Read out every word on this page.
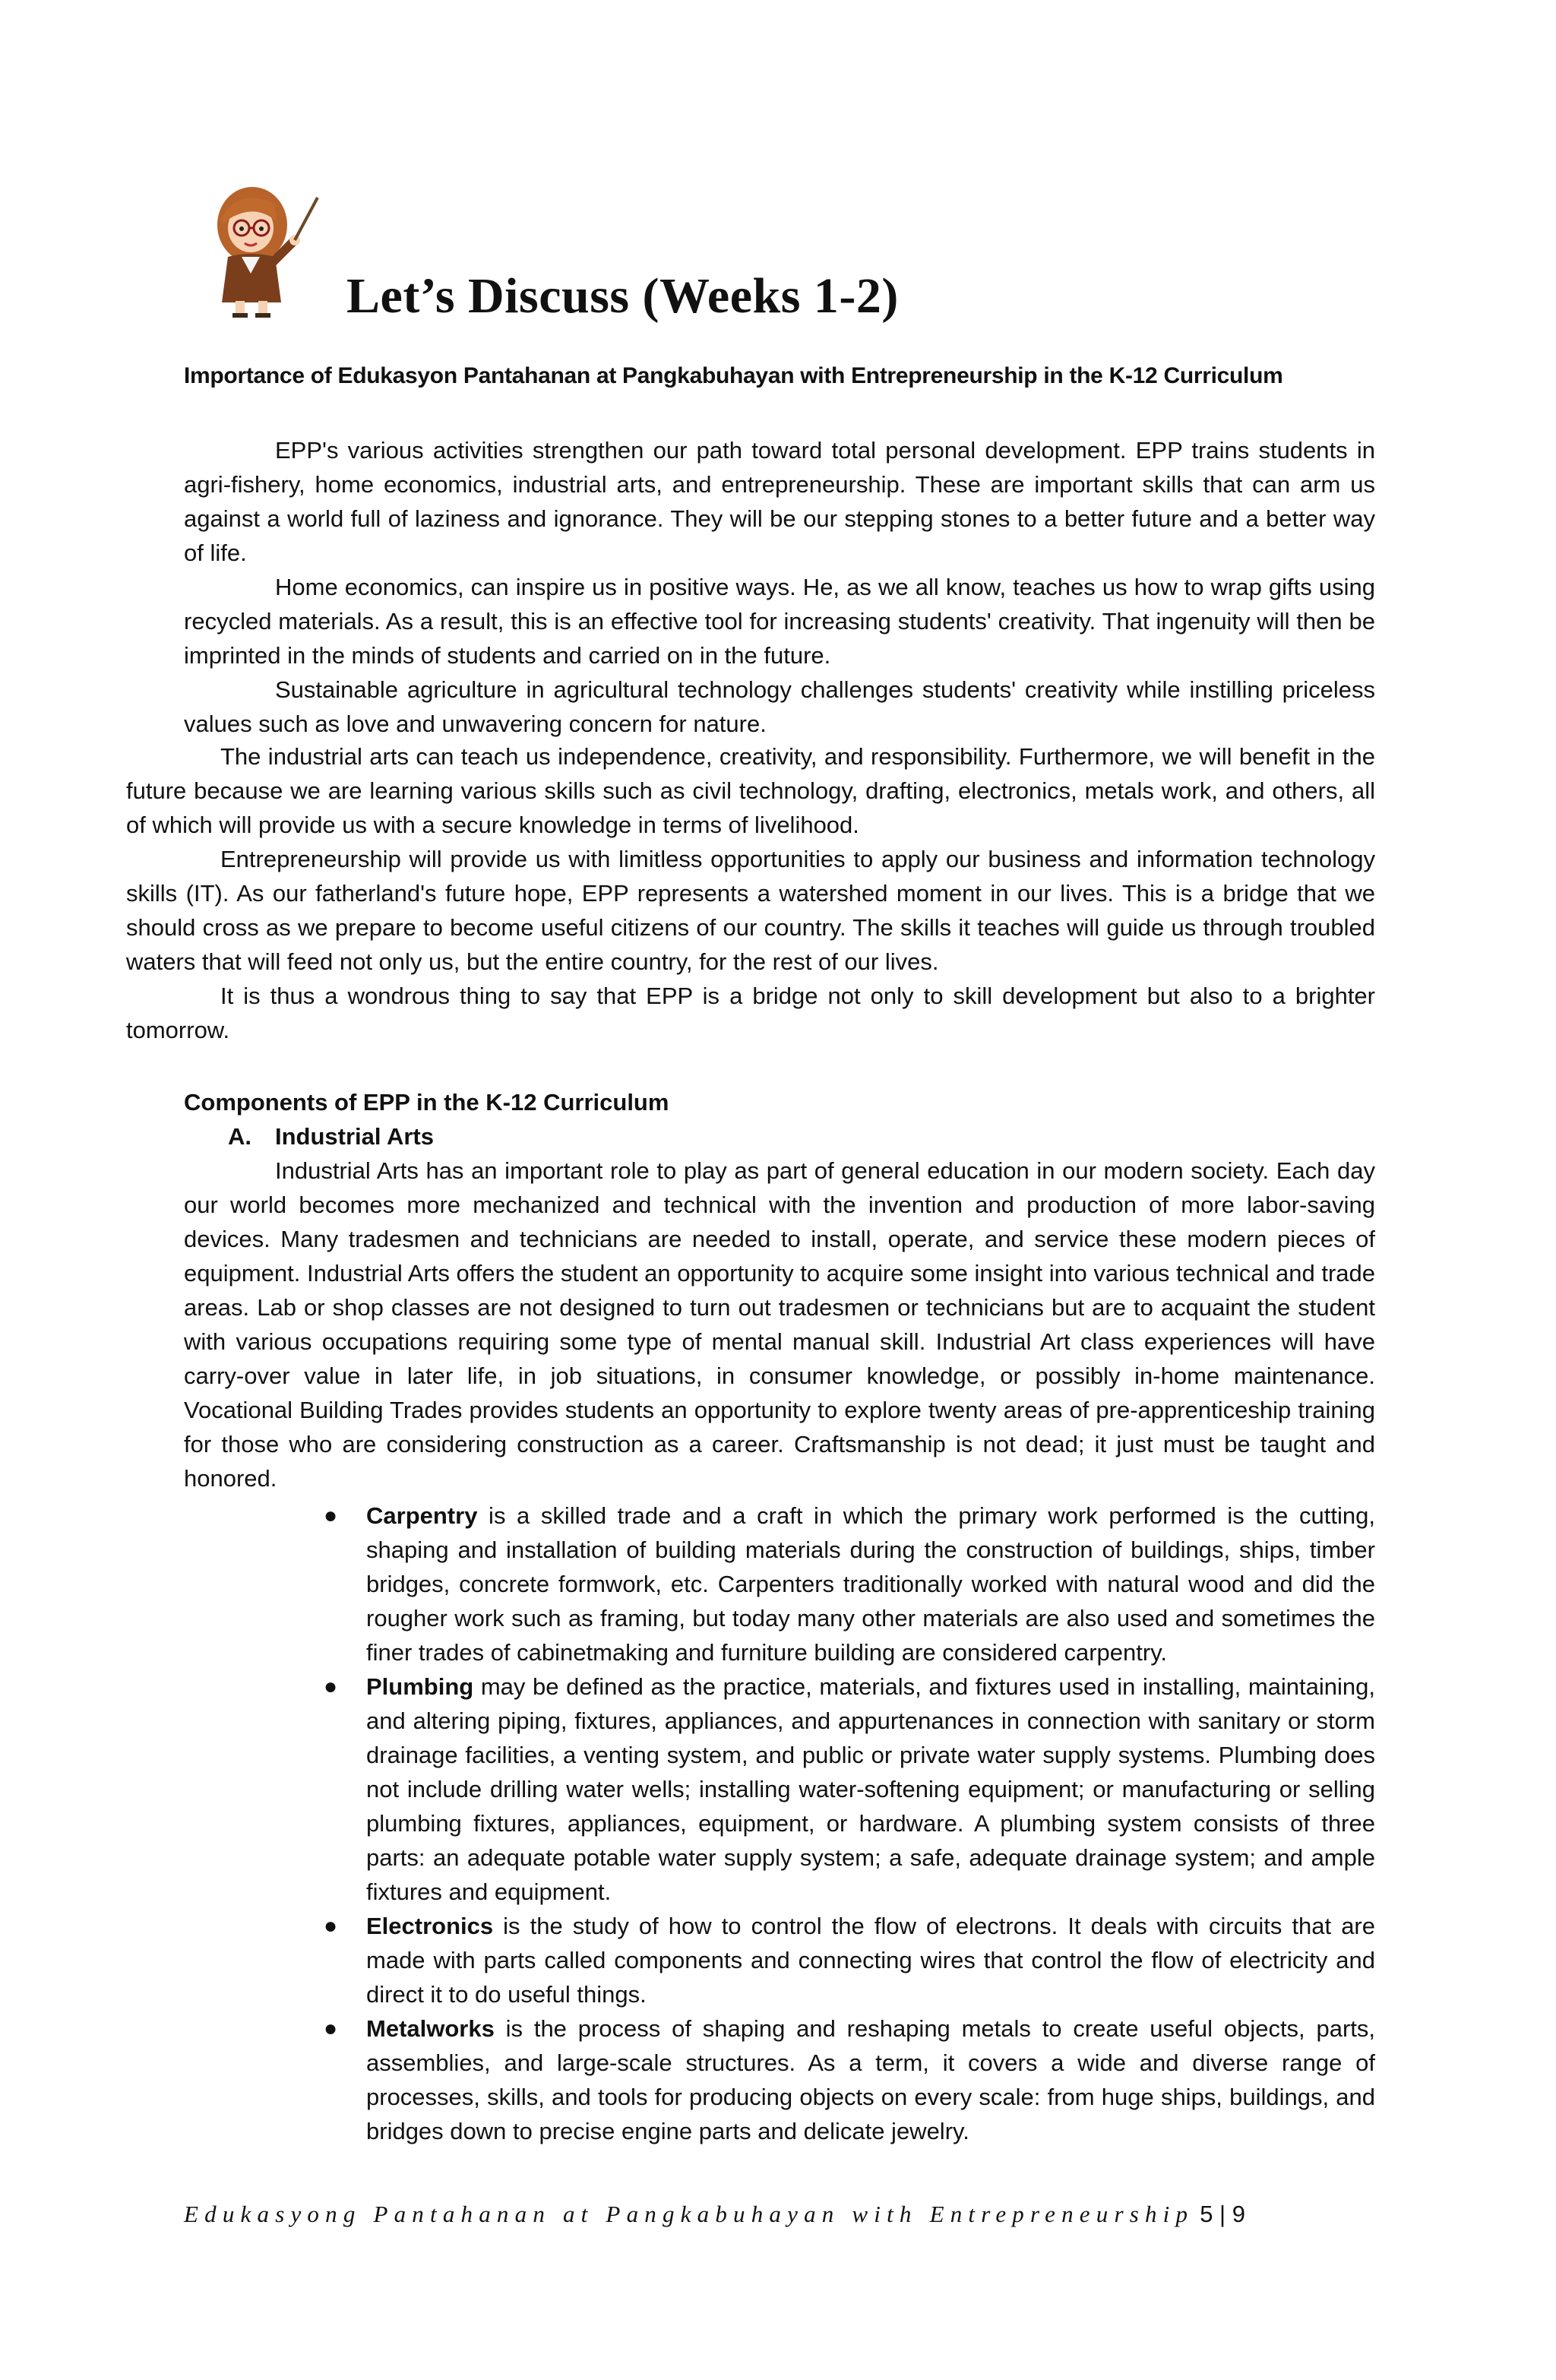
Let’s Discuss (Weeks 1-2)
Importance of Edukasyon Pantahanan at Pangkabuhayan with Entrepreneurship in the K-12 Curriculum

EPP's various activities strengthen our path toward total personal development. EPP trains students in agri-fishery, home economics, industrial arts, and entrepreneurship. These are important skills that can arm us against a world full of laziness and ignorance. They will be our stepping stones to a better future and a better way of life.

Home economics, can inspire us in positive ways. He, as we all know, teaches us how to wrap gifts using recycled materials. As a result, this is an effective tool for increasing students' creativity. That ingenuity will then be imprinted in the minds of students and carried on in the future.

Sustainable agriculture in agricultural technology challenges students' creativity while instilling priceless values such as love and unwavering concern for nature.

The industrial arts can teach us independence, creativity, and responsibility. Furthermore, we will benefit in the future because we are learning various skills such as civil technology, drafting, electronics, metals work, and others, all of which will provide us with a secure knowledge in terms of livelihood.

Entrepreneurship will provide us with limitless opportunities to apply our business and information technology skills (IT). As our fatherland's future hope, EPP represents a watershed moment in our lives. This is a bridge that we should cross as we prepare to become useful citizens of our country. The skills it teaches will guide us through troubled waters that will feed not only us, but the entire country, for the rest of our lives.

It is thus a wondrous thing to say that EPP is a bridge not only to skill development but also to a brighter tomorrow.

Components of EPP in the K-12 Curriculum
A. Industrial Arts

Industrial Arts has an important role to play as part of general education in our modern society. Each day our world becomes more mechanized and technical with the invention and production of more labor-saving devices. Many tradesmen and technicians are needed to install, operate, and service these modern pieces of equipment. Industrial Arts offers the student an opportunity to acquire some insight into various technical and trade areas. Lab or shop classes are not designed to turn out tradesmen or technicians but are to acquaint the student with various occupations requiring some type of mental manual skill. Industrial Art class experiences will have carry-over value in later life, in job situations, in consumer knowledge, or possibly in-home maintenance. Vocational Building Trades provides students an opportunity to explore twenty areas of pre-apprenticeship training for those who are considering construction as a career. Craftsmanship is not dead; it just must be taught and honored.

● Carpentry is a skilled trade and a craft in which the primary work performed is the cutting, shaping and installation of building materials during the construction of buildings, ships, timber bridges, concrete formwork, etc. Carpenters traditionally worked with natural wood and did the rougher work such as framing, but today many other materials are also used and sometimes the finer trades of cabinetmaking and furniture building are considered carpentry.
● Plumbing may be defined as the practice, materials, and fixtures used in installing, maintaining, and altering piping, fixtures, appliances, and appurtenances in connection with sanitary or storm drainage facilities, a venting system, and public or private water supply systems. Plumbing does not include drilling water wells; installing water-softening equipment; or manufacturing or selling plumbing fixtures, appliances, equipment, or hardware. A plumbing system consists of three parts: an adequate potable water supply system; a safe, adequate drainage system; and ample fixtures and equipment.
● Electronics is the study of how to control the flow of electrons. It deals with circuits that are made with parts called components and connecting wires that control the flow of electricity and direct it to do useful things.
● Metalworks is the process of shaping and reshaping metals to create useful objects, parts, assemblies, and large-scale structures. As a term, it covers a wide and diverse range of processes, skills, and tools for producing objects on every scale: from huge ships, buildings, and bridges down to precise engine parts and delicate jewelry.
Edukasyong Pantahanan at Pangkabuhayan with Entrepreneurship 5 | 9
